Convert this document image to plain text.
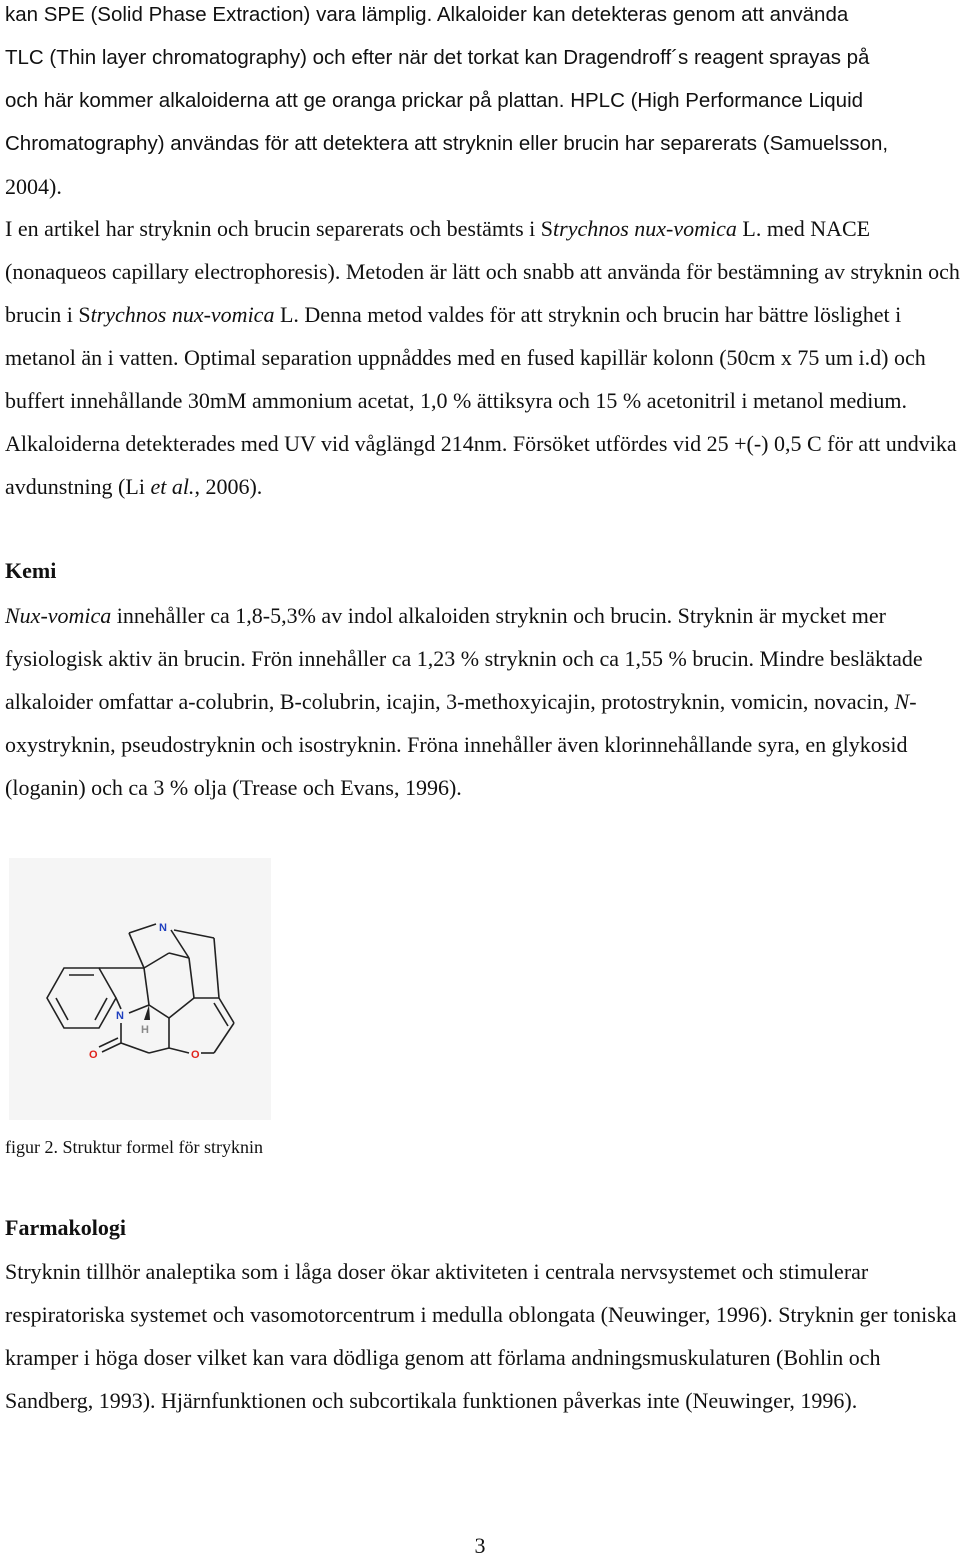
kan SPE (Solid Phase Extraction) vara lämplig. Alkaloider kan detekteras genom att använda

TLC (Thin layer chromatography) och efter när det torkat kan Dragendroff´s reagent sprayas på

och här kommer alkaloiderna att ge oranga prickar på plattan. HPLC (High Performance Liquid

Chromatography) användas för att detektera att stryknin eller brucin har separerats (Samuelsson,

2004).

I en artikel har stryknin och brucin separerats och bestämts i Strychnos nux-vomica L. med NACE (nonaqueos capillary electrophoresis). Metoden är lätt och snabb att använda för bestämning av stryknin och brucin i Strychnos nux-vomica L. Denna metod valdes för att stryknin och brucin har bättre löslighet i metanol än i vatten. Optimal separation uppnåddes med en fused kapillär kolonn (50cm x 75 um i.d) och buffert innehållande 30mM ammonium acetat, 1,0 % ättiksyra och 15 % acetonitril i metanol medium. Alkaloiderna detekterades med UV vid våglängd 214nm. Försöket utfördes vid 25 +(-) 0,5 C för att undvika avdunstning (Li et al., 2006).

Kemi

Nux-vomica innehåller ca 1,8-5,3% av indol alkaloiden stryknin och brucin. Stryknin är mycket mer fysiologisk aktiv än brucin. Frön innehåller ca 1,23 % stryknin och ca 1,55 % brucin. Mindre besläktade alkaloider omfattar a-colubrin, B-colubrin, icajin, 3-methoxyicajin, protostryknin, vomicin, novacin, N-oxystryknin, pseudostryknin och isostryknin. Fröna innehåller även klorinnehållande syra, en glykosid (loganin) och ca 3 % olja (Trease och Evans, 1996).

N
N
H
O	O

figur 2. Struktur formel för stryknin

Farmakologi

Stryknin tillhör analeptika som i låga doser ökar aktiviteten i centrala nervsystemet och stimulerar respiratoriska systemet och vasomotorcentrum i medulla oblongata (Neuwinger, 1996). Stryknin ger toniska kramper i höga doser vilket kan vara dödliga genom att förlama andningsmuskulaturen (Bohlin och Sandberg, 1993). Hjärnfunktionen och subcortikala funktionen påverkas inte (Neuwinger, 1996).

3
